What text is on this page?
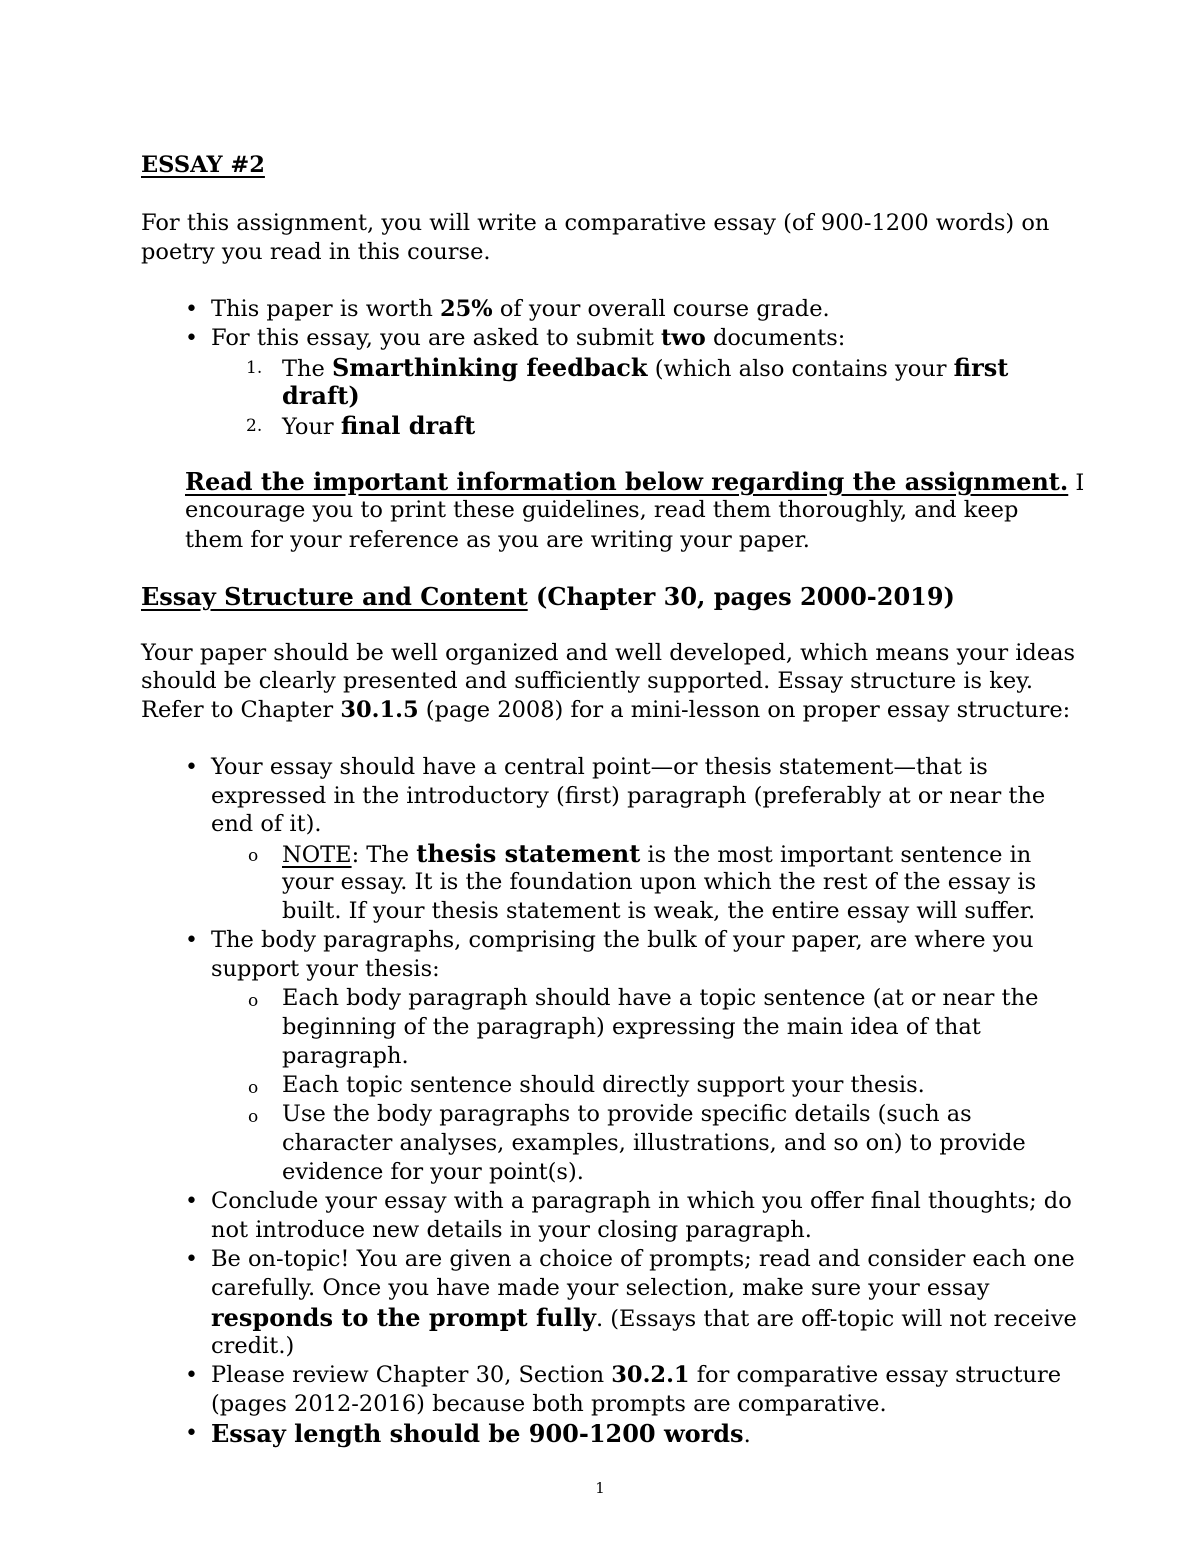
ESSAY #2
For this assignment, you will write a comparative essay (of 900-1200 words) on
poetry you read in this course.
• This paper is worth 25% of your overall course grade.
• For this essay, you are asked to submit two documents:
1. The Smarthinking feedback (which also contains your first
draft)
2. Your final draft
Read the important information below regarding the assignment. I
encourage you to print these guidelines, read them thoroughly, and keep
them for your reference as you are writing your paper.
Essay Structure and Content (Chapter 30, pages 2000-2019)
Your paper should be well organized and well developed, which means your ideas
should be clearly presented and sufficiently supported. Essay structure is key.
Refer to Chapter 30.1.5 (page 2008) for a mini-lesson on proper essay structure:
• Your essay should have a central point—or thesis statement—that is
expressed in the introductory (first) paragraph (preferably at or near the
end of it).
o NOTE: The thesis statement is the most important sentence in
your essay. It is the foundation upon which the rest of the essay is
built. If your thesis statement is weak, the entire essay will suffer.
• The body paragraphs, comprising the bulk of your paper, are where you
support your thesis:
o Each body paragraph should have a topic sentence (at or near the
beginning of the paragraph) expressing the main idea of that
paragraph.
o Each topic sentence should directly support your thesis.
o Use the body paragraphs to provide specific details (such as
character analyses, examples, illustrations, and so on) to provide
evidence for your point(s).
• Conclude your essay with a paragraph in which you offer final thoughts; do
not introduce new details in your closing paragraph.
• Be on-topic! You are given a choice of prompts; read and consider each one
carefully. Once you have made your selection, make sure your essay
responds to the prompt fully. (Essays that are off-topic will not receive
credit.)
• Please review Chapter 30, Section 30.2.1 for comparative essay structure
(pages 2012-2016) because both prompts are comparative.
• Essay length should be 900-1200 words.
1
